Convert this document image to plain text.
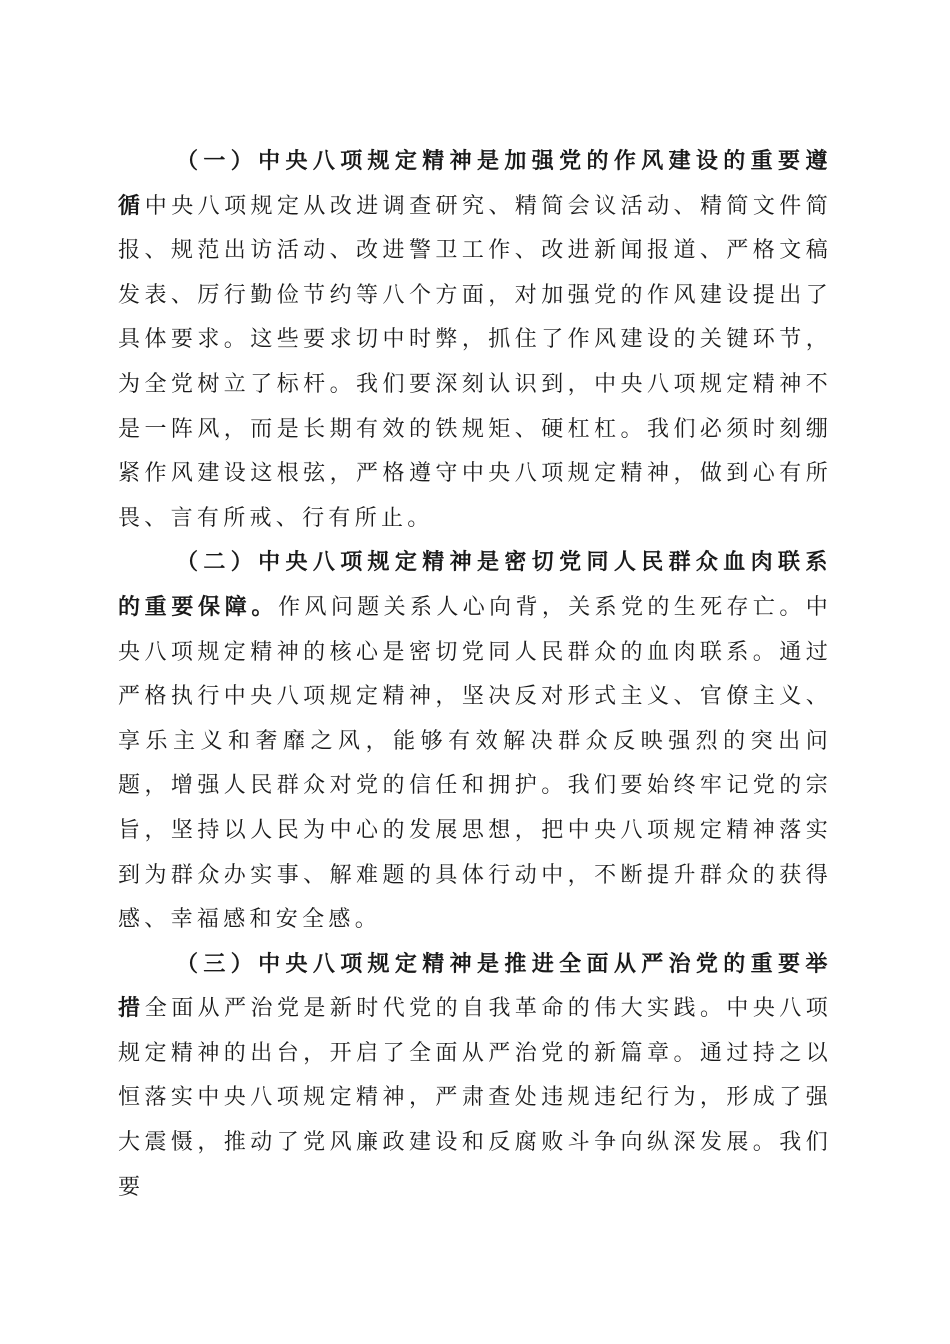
（一）中央八项规定精神是加强党的作风建设的重要遵循中央八项规定从改进调查研究、精简会议活动、精简文件简报、规范出访活动、改进警卫工作、改进新闻报道、严格文稿发表、厉行勤俭节约等八个方面，对加强党的作风建设提出了具体要求。这些要求切中时弊，抓住了作风建设的关键环节，为全党树立了标杆。我们要深刻认识到，中央八项规定精神不是一阵风，而是长期有效的铁规矩、硬杠杠。我们必须时刻绷紧作风建设这根弦，严格遵守中央八项规定精神，做到心有所畏、言有所戒、行有所止。

（二）中央八项规定精神是密切党同人民群众血肉联系的重要保障。作风问题关系人心向背，关系党的生死存亡。中央八项规定精神的核心是密切党同人民群众的血肉联系。通过严格执行中央八项规定精神，坚决反对形式主义、官僚主义、享乐主义和奢靡之风，能够有效解决群众反映强烈的突出问题，增强人民群众对党的信任和拥护。我们要始终牢记党的宗旨，坚持以人民为中心的发展思想，把中央八项规定精神落实到为群众办实事、解难题的具体行动中，不断提升群众的获得感、幸福感和安全感。

（三）中央八项规定精神是推进全面从严治党的重要举措全面从严治党是新时代党的自我革命的伟大实践。中央八项规定精神的出台，开启了全面从严治党的新篇章。通过持之以恒落实中央八项规定精神，严肃查处违规违纪行为，形成了强大震慑，推动了党风廉政建设和反腐败斗争向纵深发展。我们要
